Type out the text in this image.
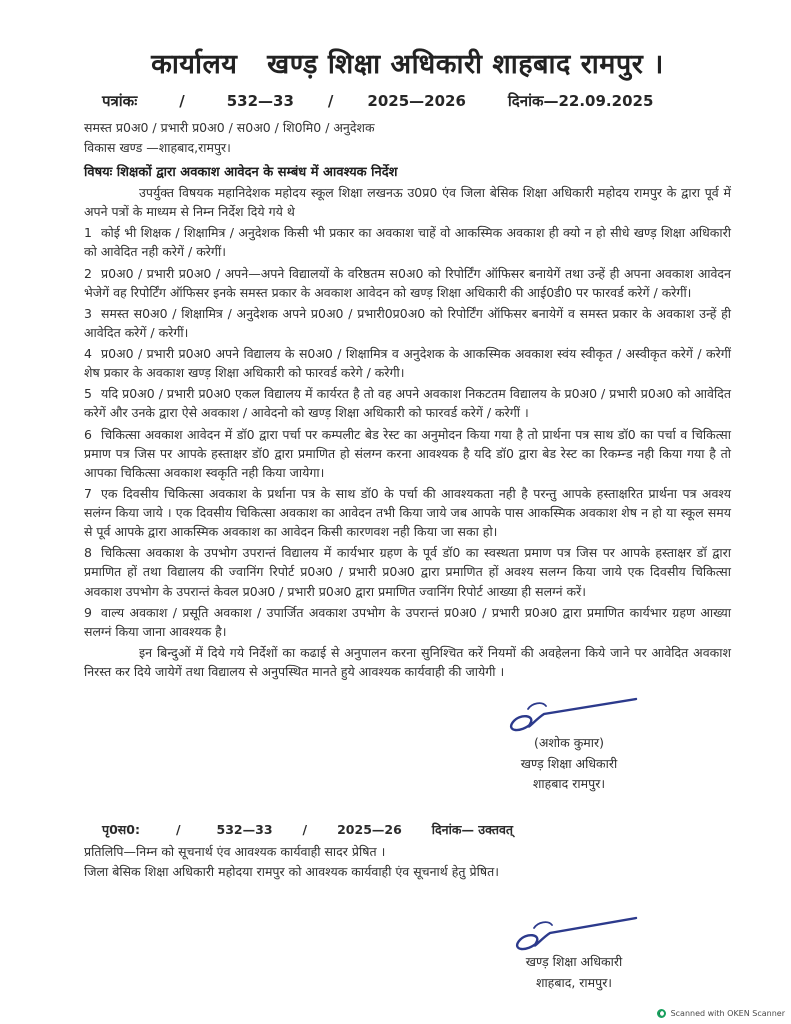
कार्यालय   खण्ड़ शिक्षा अधिकारी शाहबाद रामपुर ।
पत्रांकः	/	532—33 / 2025—2026	दिनांक—22.09.2025
समस्त प्र0अ0 / प्रभारी प्र0अ0 / स0अ0 / शि0मि0 / अनुदेशक
विकास खण्ड —शाहबाद,रामपुर।
विषयः शिक्षकों द्वारा अवकाश आवेदन के सम्बंध में आवश्यक निर्देश

उपर्युक्त विषयक महानिदेशक महोदय स्कूल शिक्षा लखनऊ उ0प्र0 एंव जिला बेसिक शिक्षा अधिकारी महोदय रामपुर के द्वारा पूर्व में अपने पत्रों के माध्यम से निम्न निर्देश दिये गये थे

1 कोई भी शिक्षक / शिक्षामित्र / अनुदेशक किसी भी प्रकार का अवकाश चाहें वो आकस्मिक अवकाश ही क्यो न हो सीधे खण्ड़ शिक्षा अधिकारी को आवेदित नही करेगें / करेगीं।

2 प्र0अ0 / प्रभारी प्र0अ0 / अपने—अपने विद्यालयों के वरिष्ठतम स0अ0 को रिपोर्टिंग ऑफिसर बनायेगें तथा उन्हें ही अपना अवकाश आवेदन भेजेगें वह रिपोर्टिंग ऑफिसर इनके समस्त प्रकार के अवकाश आवेदन को खण्ड़ शिक्षा अधिकारी की आई0डी0 पर फारवर्ड करेगें / करेगीं।

3 समस्त स0अ0 / शिक्षामित्र / अनुदेशक अपने प्र0अ0 / प्रभारी0प्र0अ0 को रिपोर्टिंग ऑफिसर बनायेगें व समस्त प्रकार के अवकाश उन्हें ही आवेदित करेगें / करेगीं।

4 प्र0अ0 / प्रभारी प्र0अ0 अपने विद्यालय के स0अ0 / शिक्षामित्र व अनुदेशक के आकस्मिक अवकाश स्वंय स्वीकृत / अस्वीकृत करेगें / करेगीं शेष प्रकार के अवकाश खण्ड़ शिक्षा अधिकारी को फारवर्ड करेगे / करेगी।

5 यदि प्र0अ0 / प्रभारी प्र0अ0 एकल विद्यालय में कार्यरत है तो वह अपने अवकाश निकटतम विद्यालय के प्र0अ0 / प्रभारी प्र0अ0 को आवेदित करेगें और उनके द्वारा ऐसे अवकाश / आवेदनो को खण्ड़ शिक्षा अधिकारी को फारवर्ड करेगें / करेगीं ।

6 चिकित्सा अवकाश आवेदन में डॉ0 द्वारा पर्चा पर कम्पलीट बेड रेस्ट का अनुमोदन किया गया है तो प्रार्थना पत्र साथ डॉ0 का पर्चा व चिकित्सा प्रमाण पत्र जिस पर आपके हस्ताक्षर डॉ0 द्वारा प्रमाणित हो संलग्न करना आवश्यक है यदि डॉ0 द्वारा बेड रेस्ट का रिकम्न्ड नही किया गया है तो आपका चिकित्सा अवकाश स्वकृति नही किया जायेगा।

7 एक दिवसीय चिकित्सा अवकाश के प्रर्थाना पत्र के साथ डॉ0 के पर्चा की आवश्यकता नही है परन्तु आपके हस्ताक्षरित प्रार्थना पत्र अवश्य सलंग्न किया जाये । एक दिवसीय चिकित्सा अवकाश का आवेदन तभी किया जाये जब आपके पास आकस्मिक अवकाश शेष न हो या स्कूल समय से पूर्व आपके द्वारा आकस्मिक अवकाश का आवेदन किसी कारणवश नही किया जा सका हो।

8 चिकित्सा अवकाश के उपभोग उपरान्तं विद्यालय में कार्यभार ग्रहण के पूर्व डॉ0 का स्वस्थता प्रमाण पत्र जिस पर आपके हस्ताक्षर डॉ द्वारा प्रमाणित हों तथा विद्यालय की ज्वानिंग रिपोर्ट प्र0अ0 / प्रभारी प्र0अ0 द्वारा प्रमाणित हों अवश्य सलग्न किया जाये एक दिवसीय चिकित्सा अवकाश उपभोग के उपरान्तं केवल प्र0अ0 / प्रभारी प्र0अ0 द्वारा प्रमाणित ज्वानिंग रिपोर्ट आख्या ही सलग्नं करें।

9 वाल्य अवकाश / प्रसूति अवकाश / उपार्जित अवकाश उपभोग के उपरान्तं प्र0अ0 / प्रभारी प्र0अ0 द्वारा प्रमाणित कार्यभार ग्रहण आख्या सलग्नं किया जाना आवश्यक है।

इन बिन्दुओं में दिये गये निर्देशों का कढाई से अनुपालन करना सुनिश्चित करें नियमों की अवहेलना किये जाने पर आवेदित अवकाश निरस्त कर दिये जायेगें तथा विद्यालय से अनुपस्थित मानते हुये आवश्यक कार्यवाही की जायेगी ।

(अशोक कुमार)
खण्ड़ शिक्षा अधिकारी
शाहबाद रामपुर।
पृ0स0:	/	532—33 / 2025—26 दिनांक— उक्तवत्
प्रतिलिपि—निम्न को सूचनार्थ एंव आवश्यक कार्यवाही सादर प्रेषित ।
जिला बेसिक शिक्षा अधिकारी महोदया रामपुर को आवश्यक कार्यवाही एंव सूचनार्थ हेतु प्रेषित।
खण्ड़ शिक्षा अधिकारी
शाहबाद, रामपुर।
Scanned with OKEN Scanner
